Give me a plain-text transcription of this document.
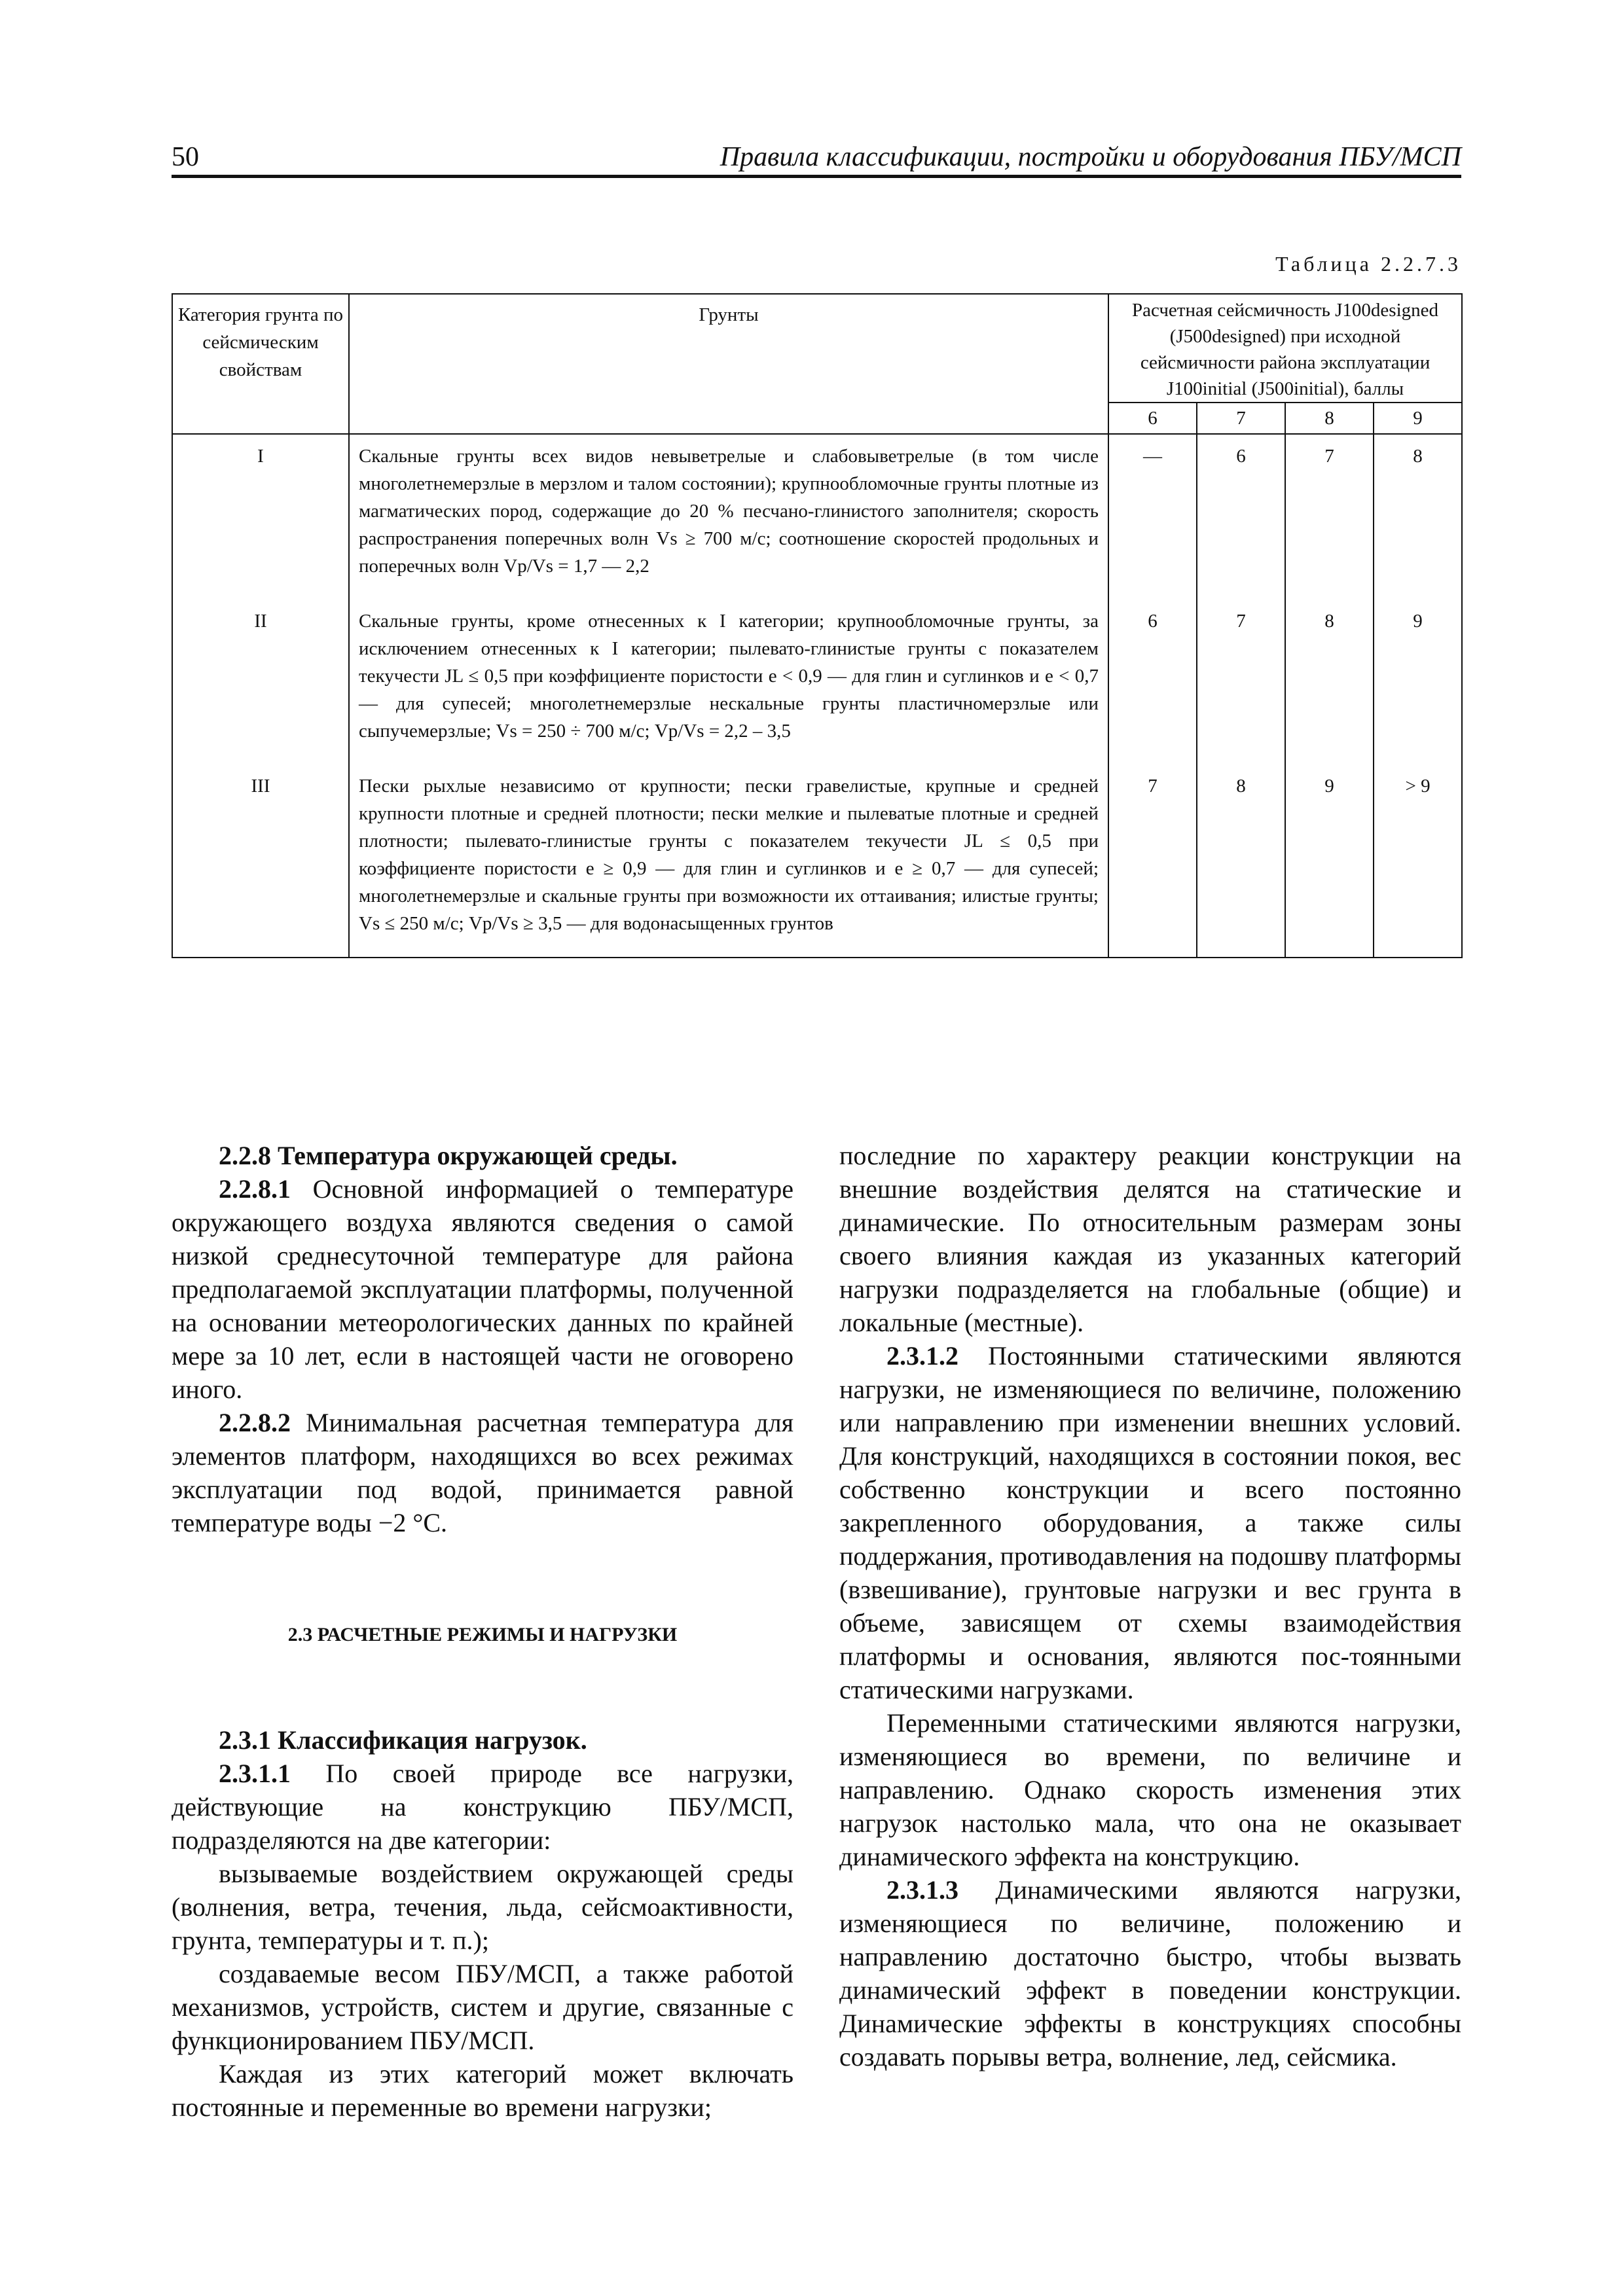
50	Правила классификации, постройки и оборудования ПБУ/МСП
Таблица 2.2.7.3
Категория грунта по сейсмическим свойствам	Грунты	Расчетная сейсмичность J100designed (J500designed) при исходной сейсмичности района эксплуатации J100initial (J500initial), баллы			
		6	7	8	9
I	Скальные грунты всех видов невыветрелые и слабовыветрелые (в том числе многолетнемерзлые в мерзлом и талом состоянии); крупнообломочные грунты плотные из магматических пород, содержащие до 20 % песчано-глинистого заполнителя; скорость распространения поперечных волн Vs ≥ 700 м/с; соотношение скоростей продольных и поперечных волн Vp/Vs = 1,7 — 2,2	—	6	7	8
II	Скальные грунты, кроме отнесенных к I категории; крупнообломочные грунты, за исключением отнесенных к I категории; пылевато-глинистые грунты с показателем текучести JL ≤ 0,5 при коэффициенте пористости e < 0,9 — для глин и суглинков и e < 0,7 — для супесей; многолетнемерзлые нескальные грунты пластичномерзлые или сыпучемерзлые; Vs = 250 ÷ 700 м/с; Vp/Vs = 2,2 – 3,5	6	7	8	9
III	Пески рыхлые независимо от крупности; пески гравелистые, крупные и средней крупности плотные и средней плотности; пески мелкие и пылеватые плотные и средней плотности; пылевато-глинистые грунты с показателем текучести JL ≤ 0,5 при коэффициенте пористости e ≥ 0,9 — для глин и суглинков и e ≥ 0,7 — для супесей; многолетнемерзлые и скальные грунты при возможности их оттаивания; илистые грунты; Vs ≤ 250 м/с; Vp/Vs ≥ 3,5 — для водонасыщенных грунтов	7	8	9	> 9

2.2.8 Температура окружающей среды.

2.2.8.1 Основной информацией о температуре окружающего воздуха являются сведения о самой низкой среднесуточной температуре для района предполагаемой эксплуатации платформы, полученной на основании метеорологических данных по крайней мере за 10 лет, если в настоящей части не оговорено иного.

2.2.8.2 Минимальная расчетная температура для элементов платформ, находящихся во всех режимах эксплуатации под водой, принимается равной температуре воды −2 °С.

2.3 РАСЧЕТНЫЕ РЕЖИМЫ И НАГРУЗКИ

2.3.1 Классификация нагрузок.

2.3.1.1 По своей природе все нагрузки, действующие на конструкцию ПБУ/МСП, подразделяются на две категории:

вызываемые воздействием окружающей среды (волнения, ветра, течения, льда, сейсмоактивности, грунта, температуры и т. п.);

создаваемые весом ПБУ/МСП, а также работой механизмов, устройств, систем и другие, связанные с функционированием ПБУ/МСП.

Каждая из этих категорий может включать постоянные и переменные во времени нагрузки;

последние по характеру реакции конструкции на внешние воздействия делятся на статические и динамические. По относительным размерам зоны своего влияния каждая из указанных категорий нагрузки подразделяется на глобальные (общие) и локальные (местные).

2.3.1.2 Постоянными статическими являются нагрузки, не изменяющиеся по величине, положению или направлению при изменении внешних условий. Для конструкций, находящихся в состоянии покоя, вес собственно конструкции и всего постоянно закрепленного оборудования, а также силы поддержания, противодавления на подошву платформы (взвешивание), грунтовые нагрузки и вес грунта в объеме, зависящем от схемы взаимодействия платформы и основания, являются пос-тоянными статическими нагрузками.

Переменными статическими являются нагрузки, изменяющиеся во времени, по величине и направлению. Однако скорость изменения этих нагрузок настолько мала, что она не оказывает динамического эффекта на конструкцию.

2.3.1.3 Динамическими являются нагрузки, изменяющиеся по величине, положению и направлению достаточно быстро, чтобы вызвать динамический эффект в поведении конструкции. Динамические эффекты в конструкциях способны создавать порывы ветра, волнение, лед, сейсмика.
